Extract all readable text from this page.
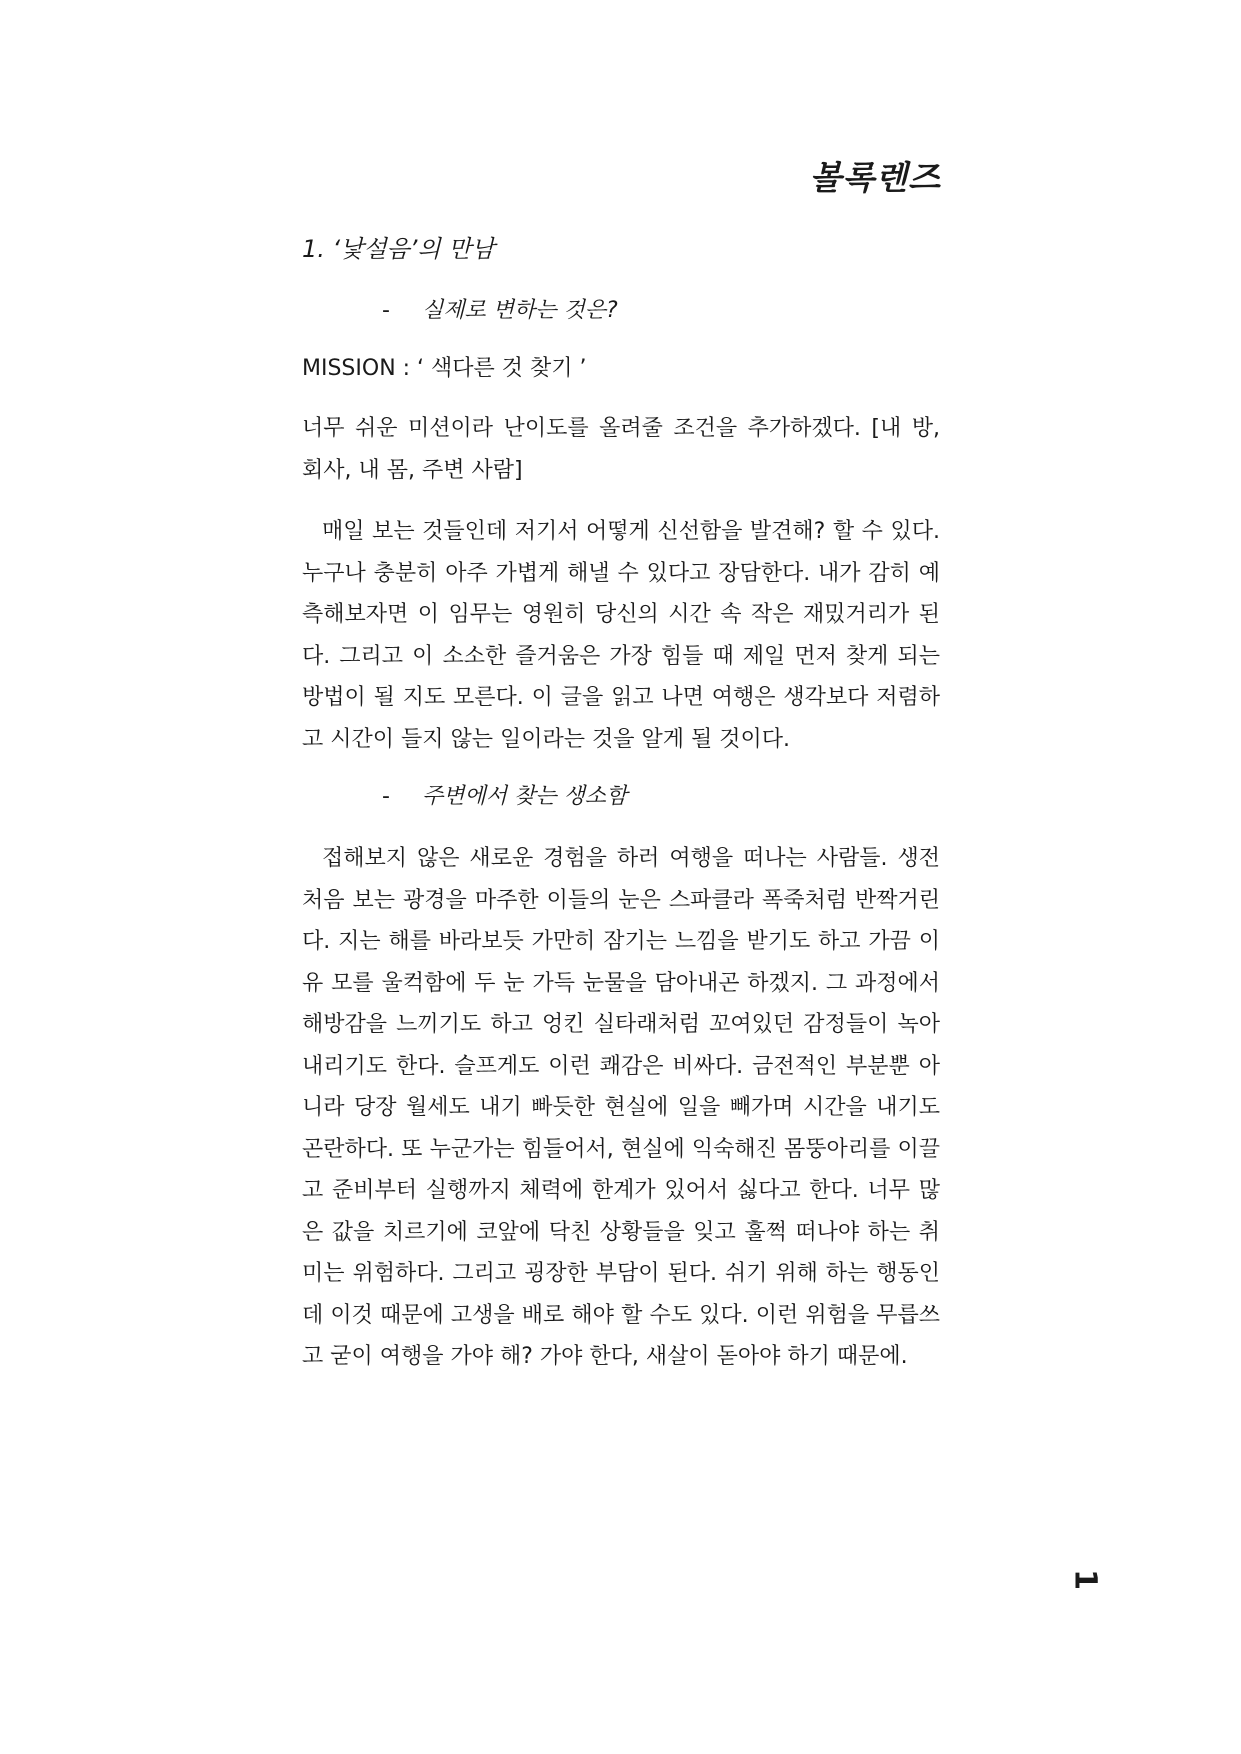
볼록렌즈
1. ‘낯설음’의 만남
-	실제로 변하는 것은?
MISSION : ‘ 색다른 것 찾기 ’

너무 쉬운 미션이라 난이도를 올려줄 조건을 추가하겠다. [내 방, 회사, 내 몸, 주변 사람]

매일 보는 것들인데 저기서 어떻게 신선함을 발견해? 할 수 있다. 누구나 충분히 아주 가볍게 해낼 수 있다고 장담한다. 내가 감히 예측해보자면 이 임무는 영원히 당신의 시간 속 작은 재밌거리가 된다. 그리고 이 소소한 즐거움은 가장 힘들 때 제일 먼저 찾게 되는 방법이 될 지도 모른다. 이 글을 읽고 나면 여행은 생각보다 저렴하고 시간이 들지 않는 일이라는 것을 알게 될 것이다.

-	주변에서 찾는 생소함

접해보지 않은 새로운 경험을 하러 여행을 떠나는 사람들. 생전 처음 보는 광경을 마주한 이들의 눈은 스파클라 폭죽처럼 반짝거린다. 지는 해를 바라보듯 가만히 잠기는 느낌을 받기도 하고 가끔 이유 모를 울컥함에 두 눈 가득 눈물을 담아내곤 하겠지. 그 과정에서 해방감을 느끼기도 하고 엉킨 실타래처럼 꼬여있던 감정들이 녹아 내리기도 한다. 슬프게도 이런 쾌감은 비싸다. 금전적인 부분뿐 아니라 당장 월세도 내기 빠듯한 현실에 일을 빼가며 시간을 내기도 곤란하다. 또 누군가는 힘들어서, 현실에 익숙해진 몸뚱아리를 이끌고 준비부터 실행까지 체력에 한계가 있어서 싫다고 한다. 너무 많은 값을 치르기에 코앞에 닥친 상황들을 잊고 훌쩍 떠나야 하는 취미는 위험하다. 그리고 굉장한 부담이 된다. 쉬기 위해 하는 행동인데 이것 때문에 고생을 배로 해야 할 수도 있다. 이런 위험을 무릅쓰고 굳이 여행을 가야 해? 가야 한다, 새살이 돋아야 하기 때문에.

1
